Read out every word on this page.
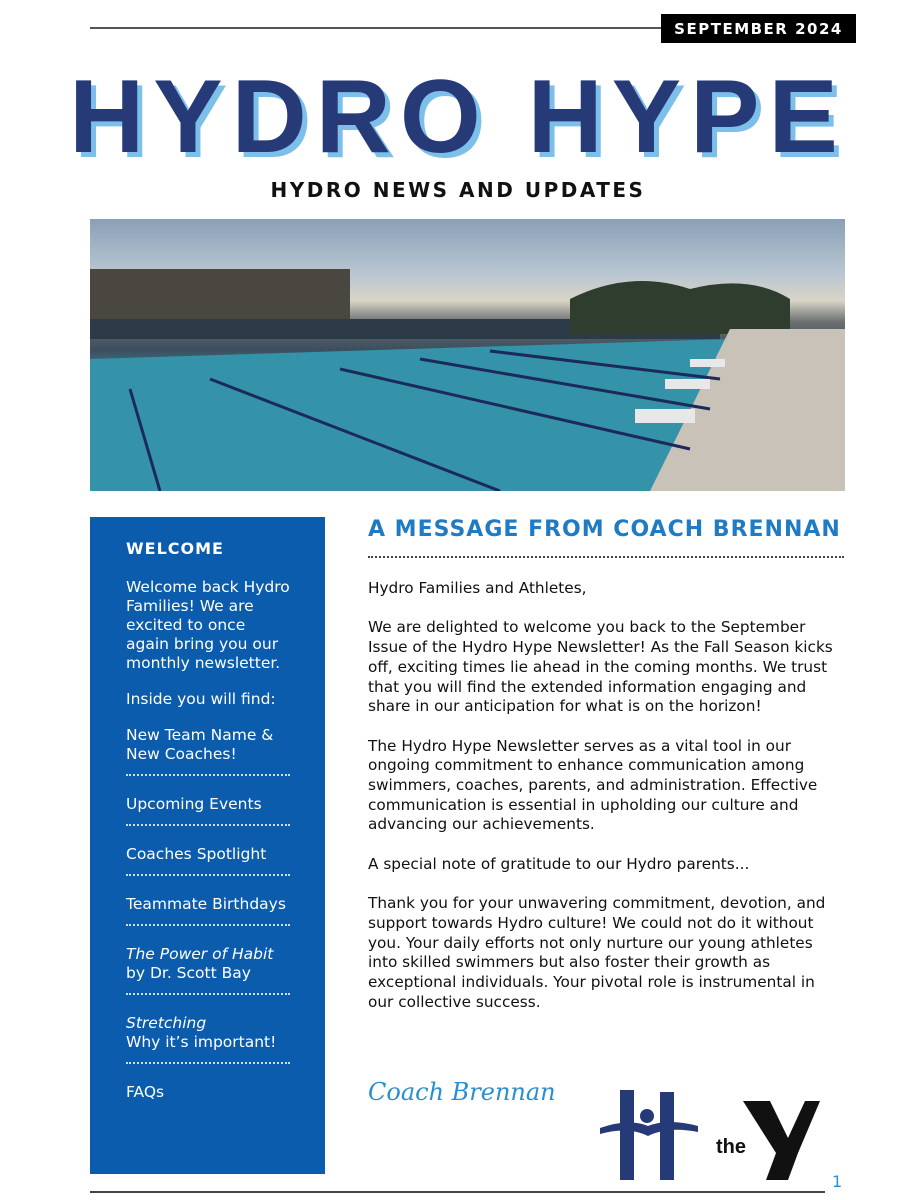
SEPTEMBER 2024
HYDRO HYPE
HYDRO NEWS AND UPDATES
WELCOME

Welcome back Hydro Families! We are excited to once again bring you our monthly newsletter.

Inside you will find:

New Team Name &
New Coaches!
Upcoming Events
Coaches Spotlight
Teammate Birthdays
The Power of Habit
by Dr. Scott Bay
Stretching
Why it’s important!
FAQs
A MESSAGE FROM COACH BRENNAN

Hydro Families and Athletes,

We are delighted to welcome you back to the September Issue of the Hydro Hype Newsletter! As the Fall Season kicks off, exciting times lie ahead in the coming months. We trust that you will find the extended information engaging and share in our anticipation for what is on the horizon!

The Hydro Hype Newsletter serves as a vital tool in our ongoing commitment to enhance communication among swimmers, coaches, parents, and administration. Effective communication is essential in upholding our culture and advancing our achievements.

A special note of gratitude to our Hydro parents...

Thank you for your unwavering commitment, devotion, and support towards Hydro culture! We could not do it without you. Your daily efforts not only nurture our young athletes into skilled swimmers but also foster their growth as exceptional individuals. Your pivotal role is instrumental in our collective success.

Coach Brennan
the
YMCA 1
